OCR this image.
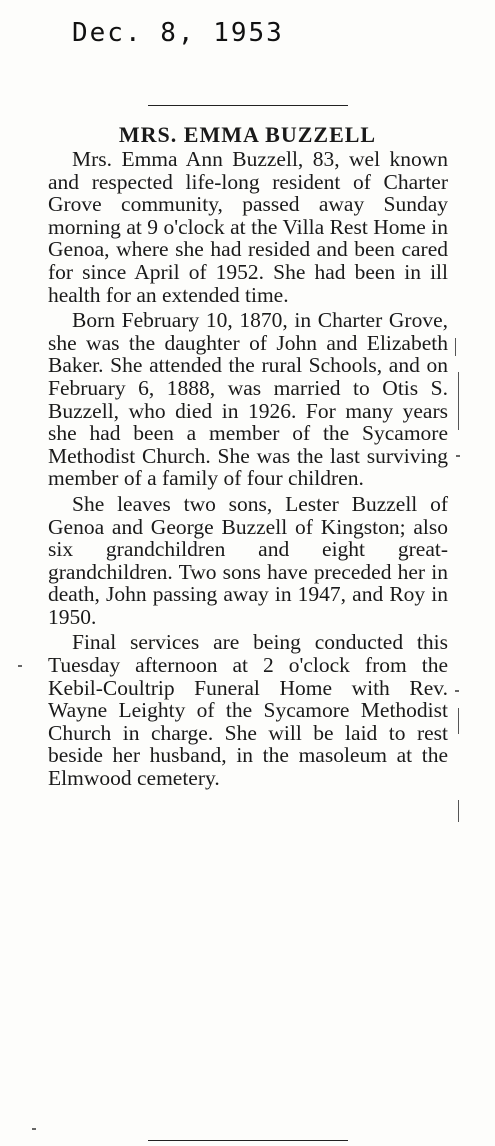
Dec. 8, 1953
MRS. EMMA BUZZELL

Mrs. Emma Ann Buzzell, 83, wel known and respected life-long resident of Charter Grove community, passed away Sunday morning at 9 o'clock at the Villa Rest Home in Genoa, where she had resided and been cared for since April of 1952. She had been in ill health for an extended time.

Born February 10, 1870, in Charter Grove, she was the daughter of John and Elizabeth Baker. She attended the rural Schools, and on February 6, 1888, was married to Otis S. Buzzell, who died in 1926. For many years she had been a member of the Sycamore Methodist Church. She was the last surviving member of a family of four children.

She leaves two sons, Lester Buzzell of Genoa and George Buzzell of Kingston; also six grandchildren and eight great-grandchildren. Two sons have preceded her in death, John passing away in 1947, and Roy in 1950.

Final services are being conducted this Tuesday afternoon at 2 o'clock from the Kebil-Coultrip Funeral Home with Rev. Wayne Leighty of the Sycamore Methodist Church in charge. She will be laid to rest beside her husband, in the masoleum at the Elmwood cemetery.
